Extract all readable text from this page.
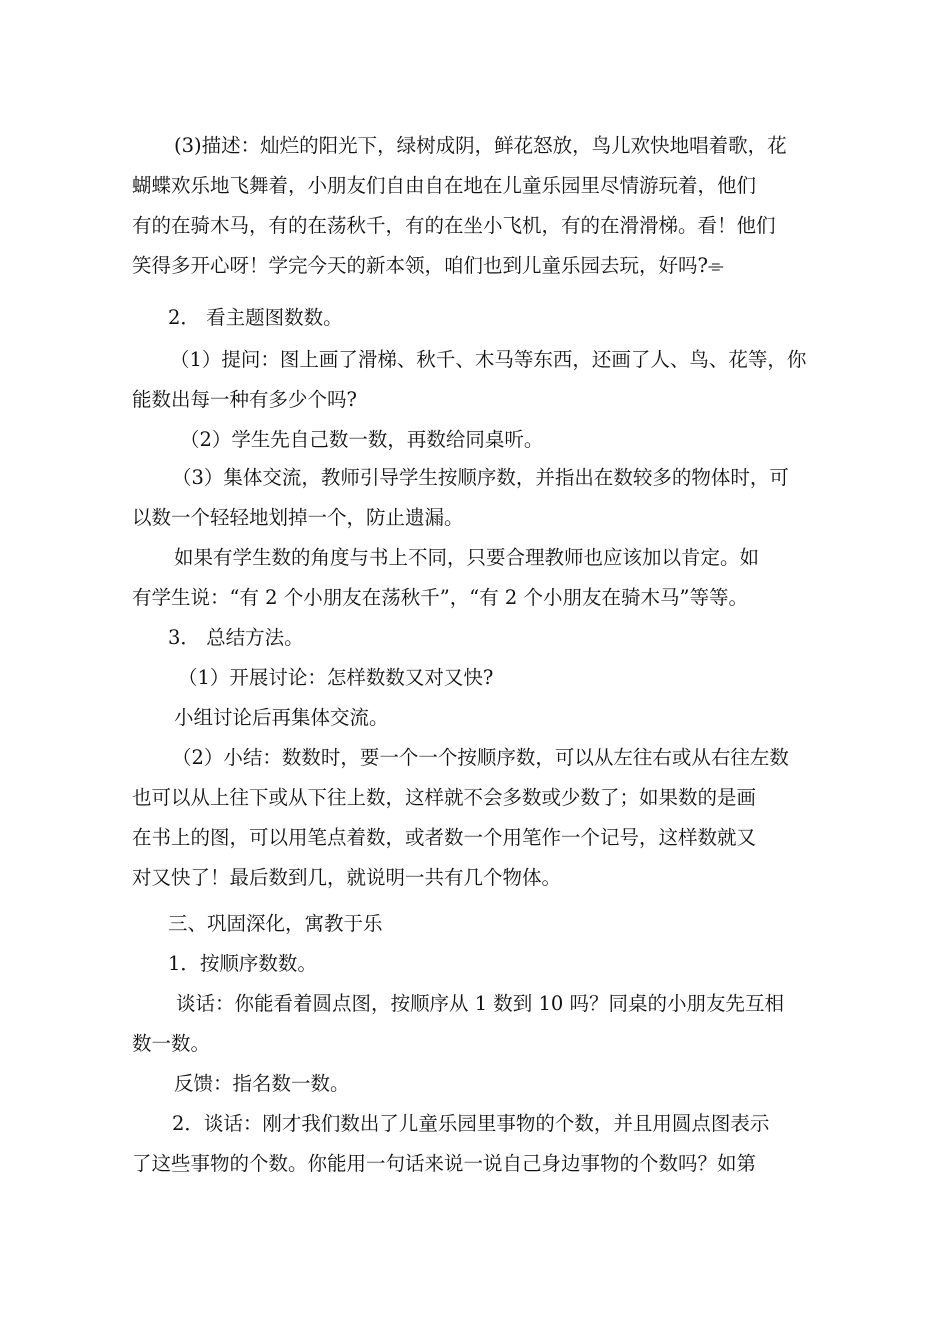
(3)描述：灿烂的阳光下，绿树成阴，鲜花怒放，鸟儿欢快地唱着歌，花
蝴蝶欢乐地飞舞着，小朋友们自由自在地在儿童乐园里尽情游玩着，他们
有的在骑木马，有的在荡秋千，有的在坐小飞机，有的在滑滑梯。看！他们
笑得多开心呀！学完今天的新本领，咱们也到儿童乐园去玩，好吗?⌯
2． 看主题图数数。
（1）提问：图上画了滑梯、秋千、木马等东西，还画了人、鸟、花等，你
能数出每一种有多少个吗?
（2）学生先自己数一数，再数给同桌听。
（3）集体交流，教师引导学生按顺序数，并指出在数较多的物体时，可
以数一个轻轻地划掉一个，防止遗漏。
如果有学生数的角度与书上不同，只要合理教师也应该加以肯定。如
有学生说：“有 2 个小朋友在荡秋千”，“有 2 个小朋友在骑木马”等等。
3． 总结方法。
（1）开展讨论：怎样数数又对又快?
小组讨论后再集体交流。
（2）小结：数数时，要一个一个按顺序数，可以从左往右或从右往左数
也可以从上往下或从下往上数，这样就不会多数或少数了；如果数的是画
在书上的图，可以用笔点着数，或者数一个用笔作一个记号，这样数就又
对又快了！最后数到几，就说明一共有几个物体。
三、巩固深化，寓教于乐
1．按顺序数数。
谈话：你能看着圆点图，按顺序从 1 数到 10 吗？同桌的小朋友先互相
数一数。
反馈：指名数一数。
2．谈话：刚才我们数出了儿童乐园里事物的个数，并且用圆点图表示
了这些事物的个数。你能用一句话来说一说自己身边事物的个数吗？如第
